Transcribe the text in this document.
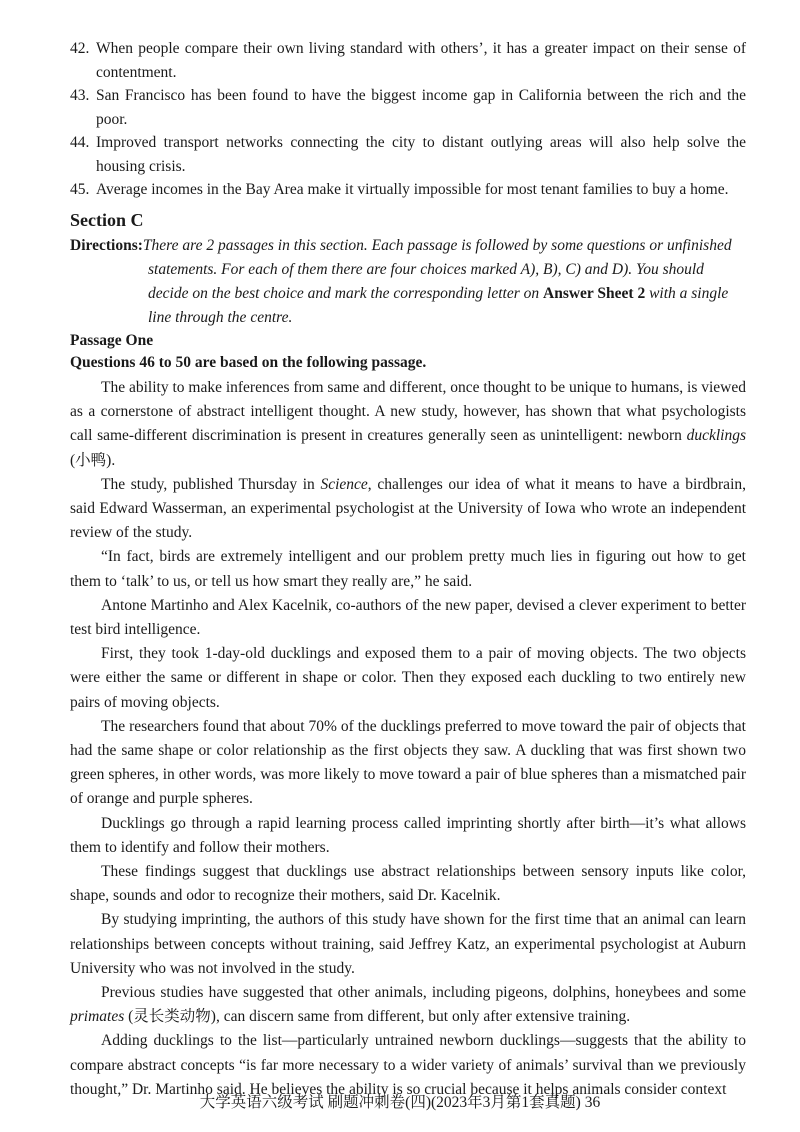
42. When people compare their own living standard with others’, it has a greater impact on their sense of contentment.
43. San Francisco has been found to have the biggest income gap in California between the rich and the poor.
44. Improved transport networks connecting the city to distant outlying areas will also help solve the housing crisis.
45. Average incomes in the Bay Area make it virtually impossible for most tenant families to buy a home.
Section C
Directions:There are 2 passages in this section. Each passage is followed by some questions or unfinished
statements. For each of them there are four choices marked A), B), C) and D). You should
decide on the best choice and mark the corresponding letter on Answer Sheet 2 with a single
line through the centre.
Passage One
Questions 46 to 50 are based on the following passage.

The ability to make inferences from same and different, once thought to be unique to humans, is viewed as a cornerstone of abstract intelligent thought. A new study, however, has shown that what psychologists call same-different discrimination is present in creatures generally seen as unintelligent: newborn ducklings (小鸭).

The study, published Thursday in Science, challenges our idea of what it means to have a birdbrain, said Edward Wasserman, an experimental psychologist at the University of Iowa who wrote an independent review of the study.

“In fact, birds are extremely intelligent and our problem pretty much lies in figuring out how to get them to ‘talk’ to us, or tell us how smart they really are,” he said.

Antone Martinho and Alex Kacelnik, co-authors of the new paper, devised a clever experiment to better test bird intelligence.

First, they took 1-day-old ducklings and exposed them to a pair of moving objects. The two objects were either the same or different in shape or color. Then they exposed each duckling to two entirely new pairs of moving objects.

The researchers found that about 70% of the ducklings preferred to move toward the pair of objects that had the same shape or color relationship as the first objects they saw. A duckling that was first shown two green spheres, in other words, was more likely to move toward a pair of blue spheres than a mismatched pair of orange and purple spheres.

Ducklings go through a rapid learning process called imprinting shortly after birth—it’s what allows them to identify and follow their mothers.

These findings suggest that ducklings use abstract relationships between sensory inputs like color, shape, sounds and odor to recognize their mothers, said Dr. Kacelnik.

By studying imprinting, the authors of this study have shown for the first time that an animal can learn relationships between concepts without training, said Jeffrey Katz, an experimental psychologist at Auburn University who was not involved in the study.

Previous studies have suggested that other animals, including pigeons, dolphins, honeybees and some primates (灵长类动物), can discern same from different, but only after extensive training.

Adding ducklings to the list—particularly untrained newborn ducklings—suggests that the ability to compare abstract concepts “is far more necessary to a wider variety of animals’ survival than we previously thought,” Dr. Martinho said. He believes the ability is so crucial because it helps animals consider context

大学英语六级考试 刷题冲刺卷(四)(2023年3月第1套真题) 36
